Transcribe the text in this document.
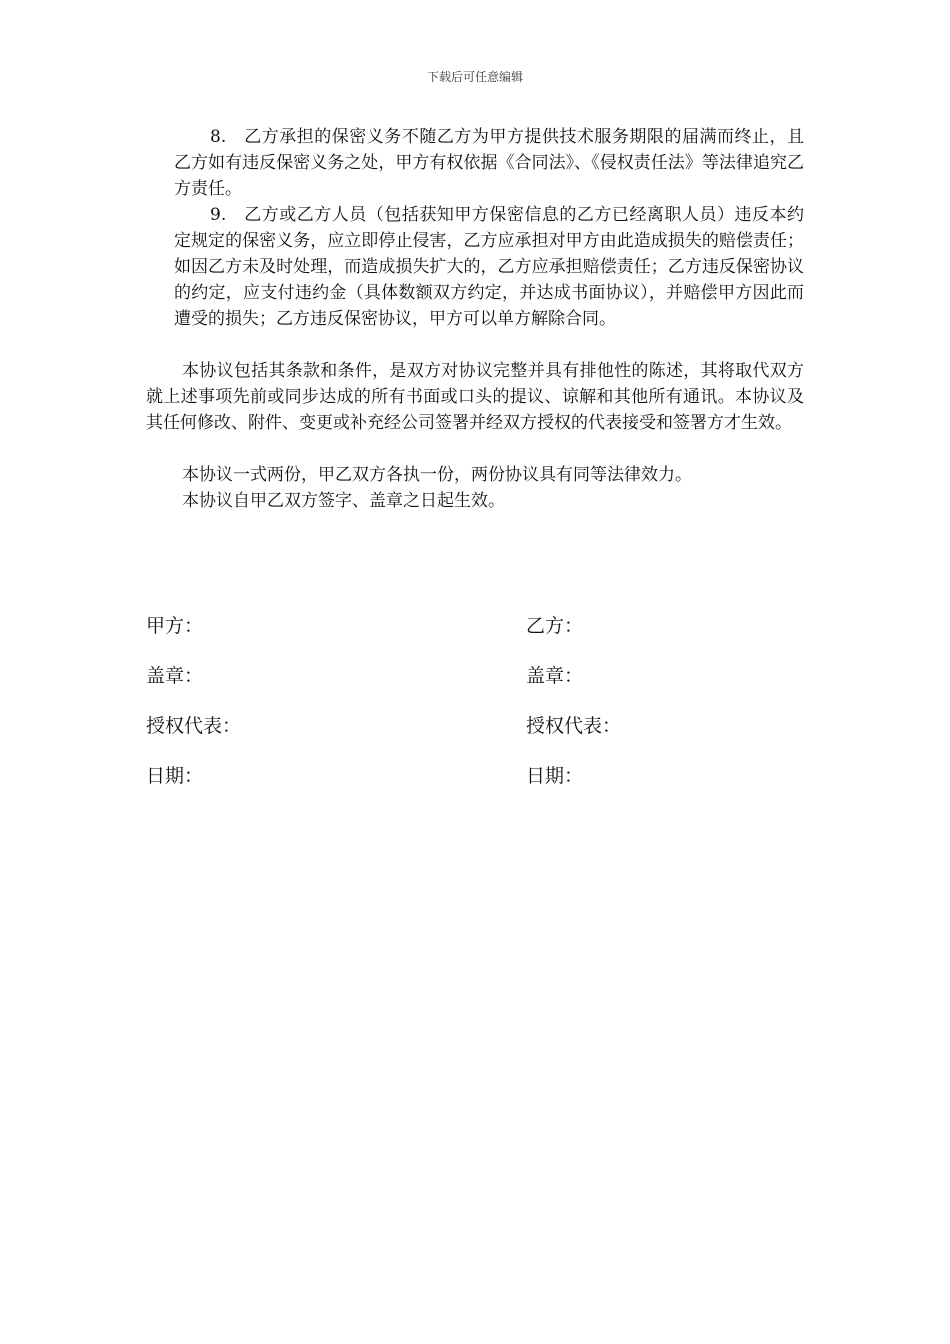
下载后可任意编辑

8.　乙方承担的保密义务不随乙方为甲方提供技术服务期限的届满而终止，且乙方如有违反保密义务之处，甲方有权依据《合同法》、《侵权责任法》等法律追究乙方责任。

9.　乙方或乙方人员（包括获知甲方保密信息的乙方已经离职人员）违反本约定规定的保密义务，应立即停止侵害，乙方应承担对甲方由此造成损失的赔偿责任；如因乙方未及时处理，而造成损失扩大的，乙方应承担赔偿责任；乙方违反保密协议的约定，应支付违约金（具体数额双方约定，并达成书面协议），并赔偿甲方因此而遭受的损失；乙方违反保密协议，甲方可以单方解除合同。

本协议包括其条款和条件，是双方对协议完整并具有排他性的陈述，其将取代双方就上述事项先前或同步达成的所有书面或口头的提议、谅解和其他所有通讯。本协议及其任何修改、附件、变更或补充经公司签署并经双方授权的代表接受和签署方才生效。

本协议一式两份，甲乙双方各执一份，两份协议具有同等法律效力。

本协议自甲乙双方签字、盖章之日起生效。

甲方：	乙方：
盖章：	盖章：
授权代表：	授权代表：
日期：	日期：
